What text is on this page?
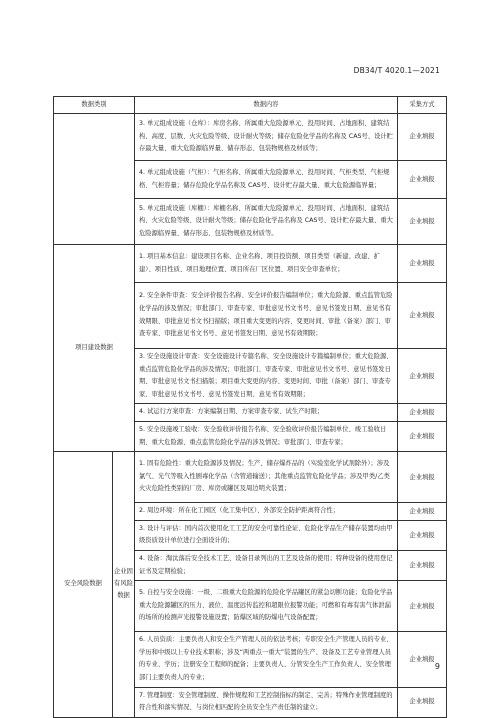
DB34/T 4020.1—2021
数据类别		数据内容	采集方式
		3. 单元组成设施（仓库）：库房名称、所属重大危险源单元、投用时间、占地面积、建筑结构、高度、层数、火灾危险等级、设计耐火等级；储存危险化学品的名称及 CAS号、设计贮存最大量、重大危险源临界量、储存形态、包装物规格及材质等；	企业填报
		4. 单元组成设施（气柜）：气柜名称、所属重大危险源单元、投用时间、气柜类型、气柜规格、气柜容量；储存危险化学品名称及 CAS号、设计贮存最大量、重大危险源临界量；	企业填报
		5. 单元组成设施（库棚）：库棚名称、所属重大危险源单元、投用时间、占地面积、建筑结构、火灾危险等级、设计耐火等级；储存危险化学品名称及 CAS号、设计贮存最大量、重大危险源临界量、储存形态、包装物规格及材质等。	企业填报
项目建设数据		1. 项目基本信息：建设项目名称、企业名称、项目投资额、项目类型（新建、改建、扩建）、项目性质、项目地理位置、项目所在厂区位置、项目安全审查单位；	企业填报
		2. 安全条件审查：安全评价报告名称、安全评价报告编制单位；重大危险源、重点监管危险化学品的涉及情况；审批部门、审查专家、审批意见书文书号、意见书签发日期、意见书有效期限、审批意见书文书扫描版；项目重大变更的内容、变更时间、审批（备案）部门、审查专家、审批意见书文书号、意见书签发日期、意见书有效期限；	企业填报
		3. 安全设施设计审查：安全设施设计专篇名称、安全设施设计专篇编制单位；重大危险源、重点监管危险化学品的涉及情况；审批部门、审查专家、审批意见书文书号、意见书签发日期、审批意见书文书扫描版；项目重大变更的内容、变更时间、审批（备案）部门、审查专家、审批意见书文书号、意见书签发日期、意见书有效期限；	企业填报
		4. 试运行方案审查：方案编制日期、方案审查专家、试生产时限；	企业填报
		5. 安全设施竣工验收：安全验收评价报告名称、安全验收评价报告编制单位、竣工验收日期、重大危险源、重点监管危险化学品的涉及情况；审批部门、审查专家；	企业填报
安全风险数据	企业固有风险数据	1. 固有危险性：重大危险源涉及情况；生产、储存爆炸品的（实验室化学试剂除外）；涉及氯气、光气等吸入性剧毒化学品（含管道输送）；其他重点监管危险化学品；涉及甲类/乙类火灾危险性类别的厂房、库房或罐区及周边明火装置；	企业填报
		2. 周边环境：所在化工园区（化工集中区）、外部安全防护距离符合性；	企业填报
		3. 设计与评估：国内首次使用化工工艺的安全可靠性论证、危险化学品生产储存装置均由甲级资质设计单位进行全面设计的；	企业填报
		4. 设备：淘汰落后安全技术工艺、设备目录列出的工艺及设备的使用；特种设备的使用登记证书及定期检验；	企业填报
		5. 自控与安全设施：一级、二级重大危险源的危险化学品罐区的紧急切断功能；危险化学品重大危险源罐区的压力、液位、温度远传监控和超限位报警功能；可燃和有毒有害气体泄漏的场所的检测声光报警设施设置；防爆区域的防爆电气设备配置；	企业填报
		6. 人员资质：主要负责人和安全生产管理人员的依法考核；专职安全生产管理人员的专业、学历和中级以上专业技术职称；涉及“两重点一重大”装置的生产、设备及工艺专业管理人员的专业、学历；注册安全工程师的配备；主要负责人、分管安全生产工作负责人、安全管理部门主要负责人的专业；	企业填报
		7. 管理制度：安全管理制度、操作规程和工艺控制指标的制定、完善；特殊作业管理制度的符合性和落实情况、与岗位相匹配的全员安全生产责任制的建立；	企业填报
9
